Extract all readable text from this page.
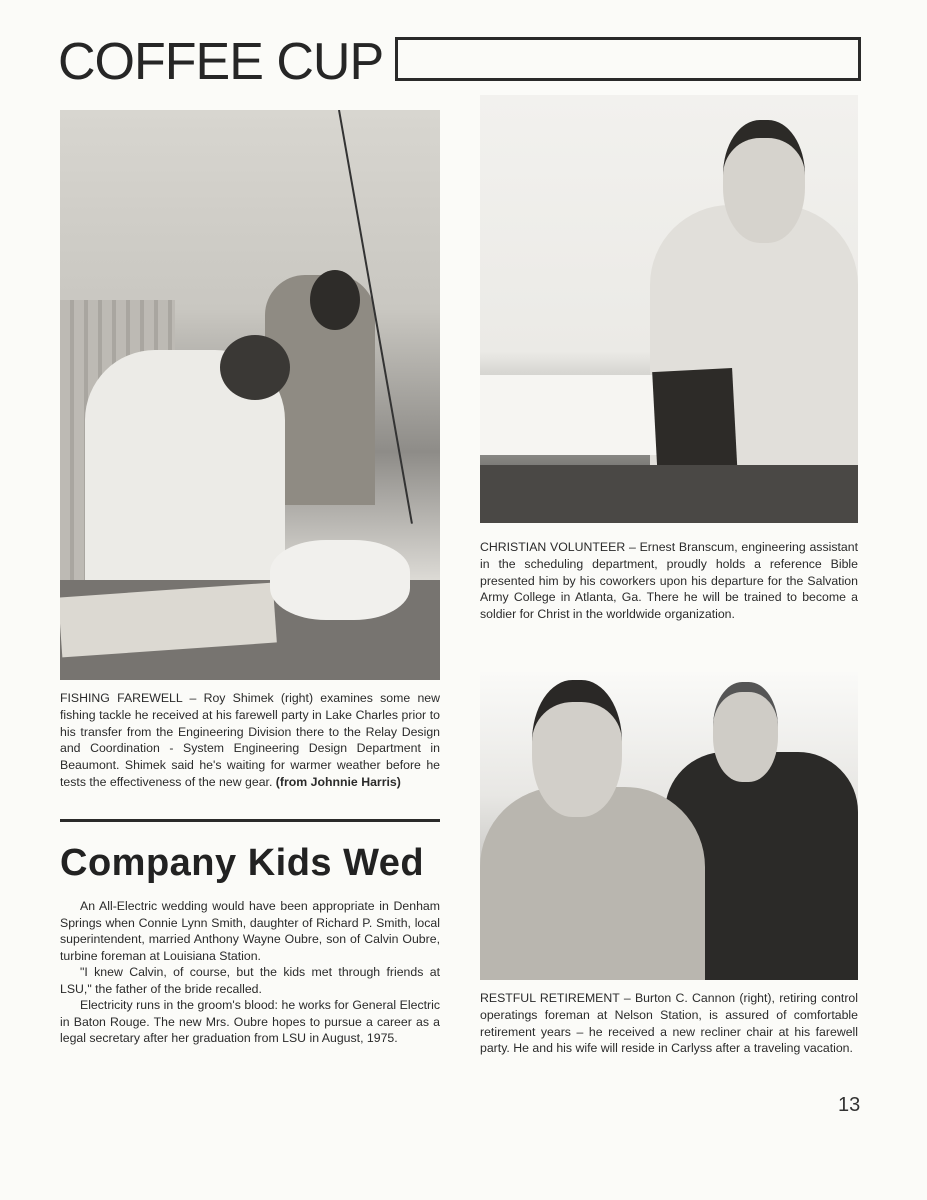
COFFEE CUP
FISHING FAREWELL – Roy Shimek (right) examines some new fishing tackle he received at his farewell party in Lake Charles prior to his transfer from the Engineering Division there to the Relay Design and Coordination - System Engineering Design Department in Beaumont. Shimek said he's waiting for warmer weather before he tests the effectiveness of the new gear. (from Johnnie Harris)
CHRISTIAN VOLUNTEER – Ernest Branscum, engineering assistant in the scheduling department, proudly holds a reference Bible presented him by his coworkers upon his departure for the Salvation Army College in Atlanta, Ga. There he will be trained to become a soldier for Christ in the worldwide organization.
RESTFUL RETIREMENT – Burton C. Cannon (right), retiring control operatings foreman at Nelson Station, is assured of comfortable retirement years – he received a new recliner chair at his farewell party. He and his wife will reside in Carlyss after a traveling vacation.
Company Kids Wed

An All-Electric wedding would have been appropriate in Denham Springs when Connie Lynn Smith, daughter of Richard P. Smith, local superintendent, married Anthony Wayne Oubre, son of Calvin Oubre, turbine foreman at Louisiana Station.

"I knew Calvin, of course, but the kids met through friends at LSU," the father of the bride recalled.

Electricity runs in the groom's blood: he works for General Electric in Baton Rouge. The new Mrs. Oubre hopes to pursue a career as a legal secretary after her graduation from LSU in August, 1975.

13
